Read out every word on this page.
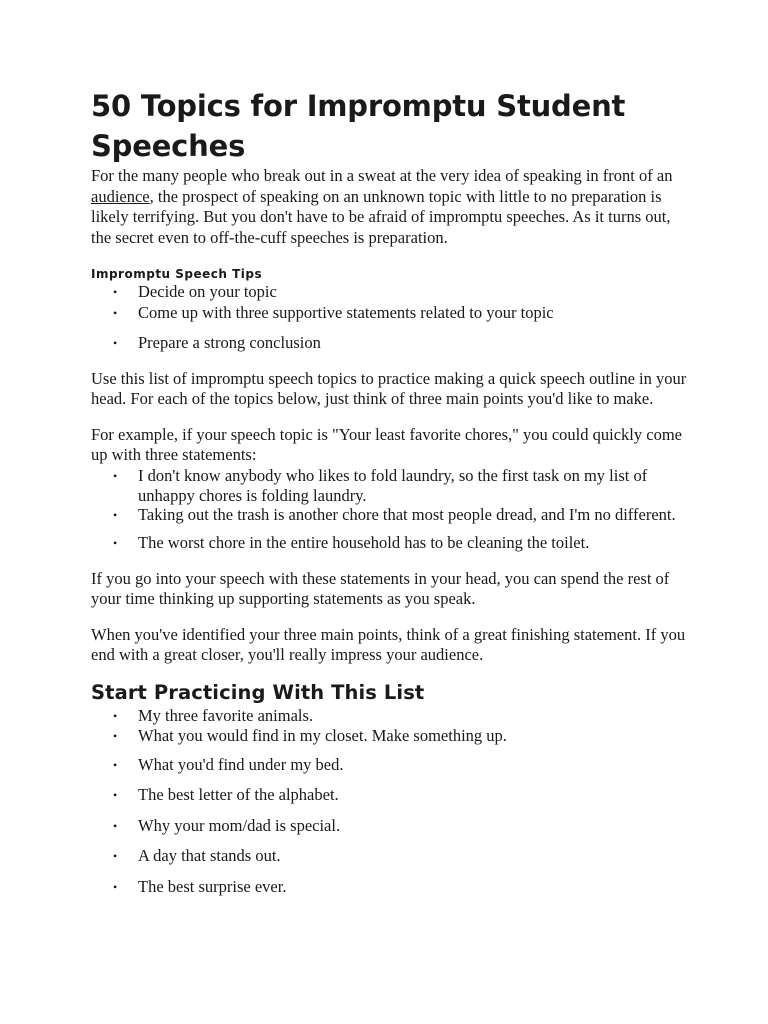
50 Topics for Impromptu Student Speeches

For the many people who break out in a sweat at the very idea of speaking in front of an audience, the prospect of speaking on an unknown topic with little to no preparation is likely terrifying. But you don't have to be afraid of impromptu speeches. As it turns out, the secret even to off-the-cuff speeches is preparation.

Impromptu Speech Tips
• Decide on your topic
• Come up with three supportive statements related to your topic
• Prepare a strong conclusion

Use this list of impromptu speech topics to practice making a quick speech outline in your head. For each of the topics below, just think of three main points you'd like to make.

For example, if your speech topic is "Your least favorite chores," you could quickly come up with three statements:

• I don't know anybody who likes to fold laundry, so the first task on my list of unhappy chores is folding laundry.
• Taking out the trash is another chore that most people dread, and I'm no different.
• The worst chore in the entire household has to be cleaning the toilet.

If you go into your speech with these statements in your head, you can spend the rest of your time thinking up supporting statements as you speak.

When you've identified your three main points, think of a great finishing statement. If you end with a great closer, you'll really impress your audience.

Start Practicing With This List
• My three favorite animals.
• What you would find in my closet. Make something up.
• What you'd find under my bed.
• The best letter of the alphabet.
• Why your mom/dad is special.
• A day that stands out.
• The best surprise ever.
